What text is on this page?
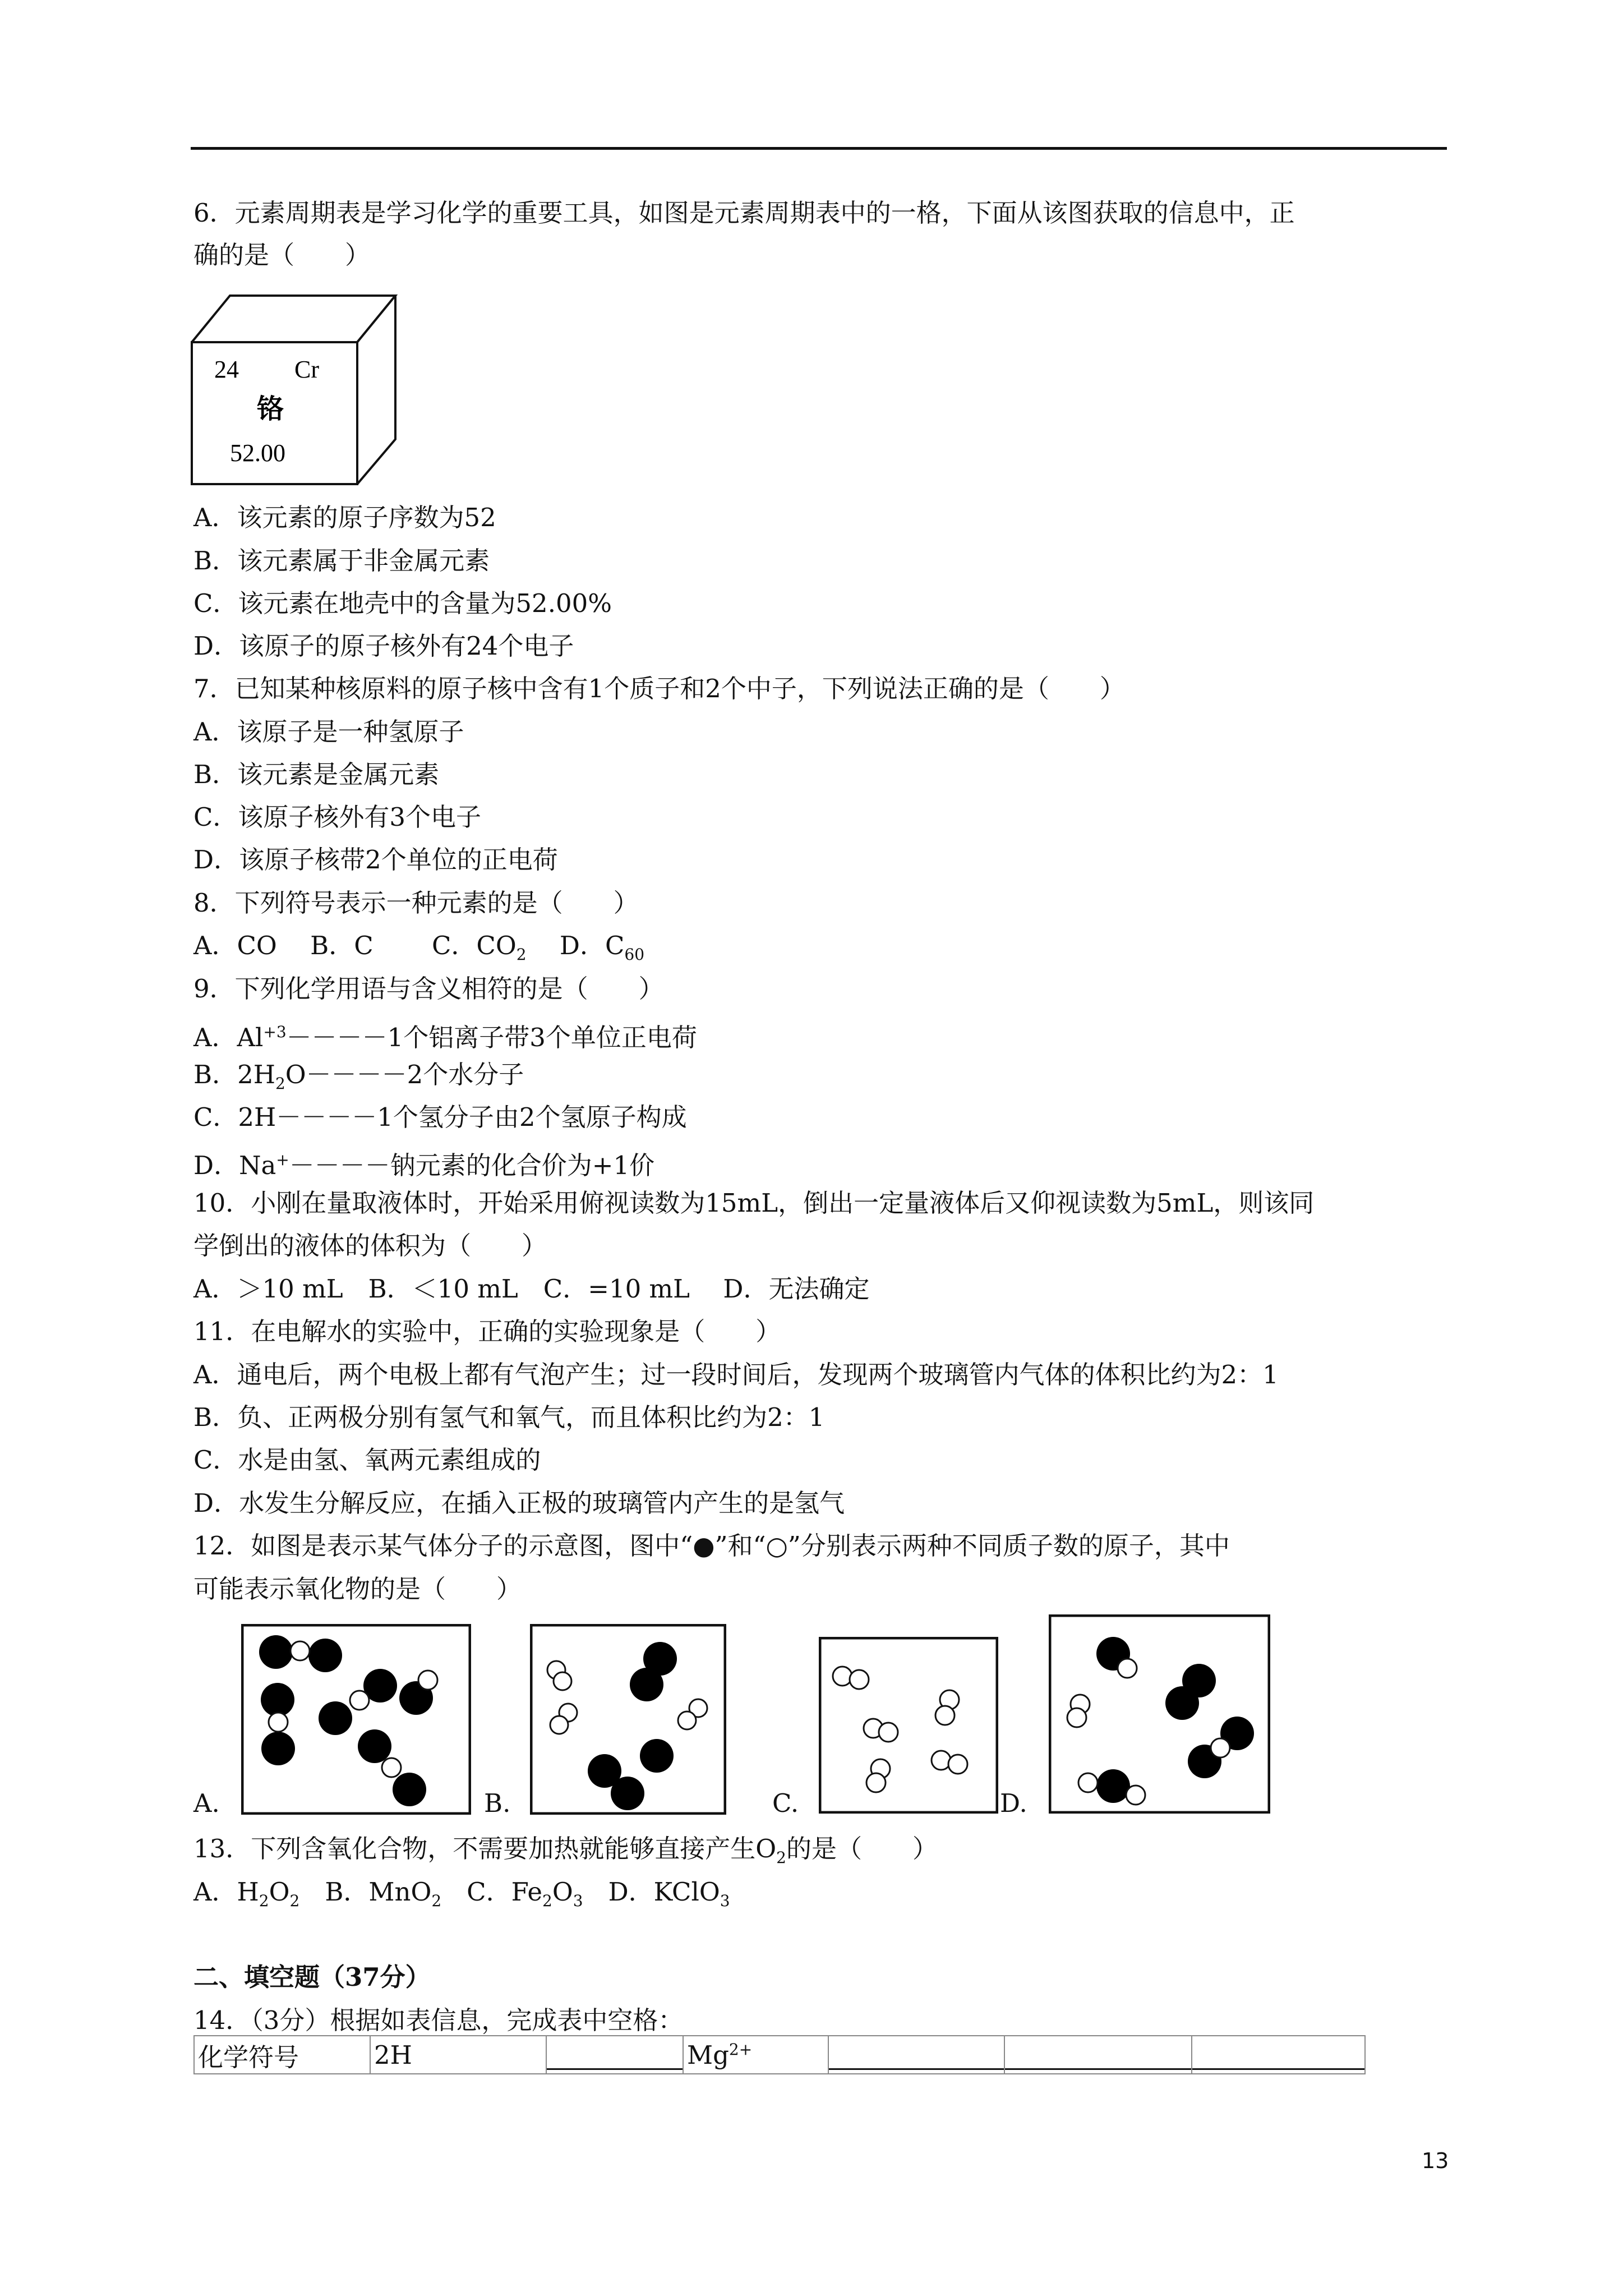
6．元素周期表是学习化学的重要工具，如图是元素周期表中的一格，下面从该图获取的信息中，正
确的是（　　）
24 Cr
铬
52.00
A．该元素的原子序数为52
B．该元素属于非金属元素
C．该元素在地壳中的含量为52.00%
D．该原子的原子核外有24个电子
7．已知某种核原料的原子核中含有1个质子和2个中子，下列说法正确的是（　　）
A．该原子是一种氢原子
B．该元素是金属元素
C．该原子核外有3个电子
D．该原子核带2个单位的正电荷
8．下列符号表示一种元素的是（　　）
A．CO　 B．C　　 C．$CO_2$　 D．$C_{60}$
9．下列化学用语与含义相符的是（　　）
A．$Al^{+3}----1$个铝离子带3个单位正电荷
B．$2H_2O----2$个水分子
C．2H－－－－1个氢分子由2个氢原子构成
D．Na+－－－－钠元素的化合价为+1价
10．小刚在量取液体时，开始采用俯视读数为15mL，倒出一定量液体后又仰视读数为5mL，则该同
学倒出的液体的体积为（　　）
A．＞10 mL　B．＜10 mL　C．=10 mL　 D．无法确定
11．在电解水的实验中，正确的实验现象是（　　）
A．通电后，两个电极上都有气泡产生；过一段时间后，发现两个玻璃管内气体的体积比约为2：1
B．负、正两极分别有氢气和氧气，而且体积比约为2：1
C．水是由氢、氧两元素组成的
D．水发生分解反应，在插入正极的玻璃管内产生的是氢气
12．如图是表示某气体分子的示意图，图中“●”和“○”分别表示两种不同质子数的原子，其中
可能表示氧化物的是（　　）
A.	B.	C.	D.
13．下列含氧化合物，不需要加热就能够直接产生$O_2$的是（　　）
A．$H_2O_2$　B．MnO$_2$　C．$Fe_2O_3$　D．KClO$_3$
二、填空题（37分）
14．（3分）根据如表信息，完成表中空格：
化学符号	2H		$Mg^{2+}$	

13
